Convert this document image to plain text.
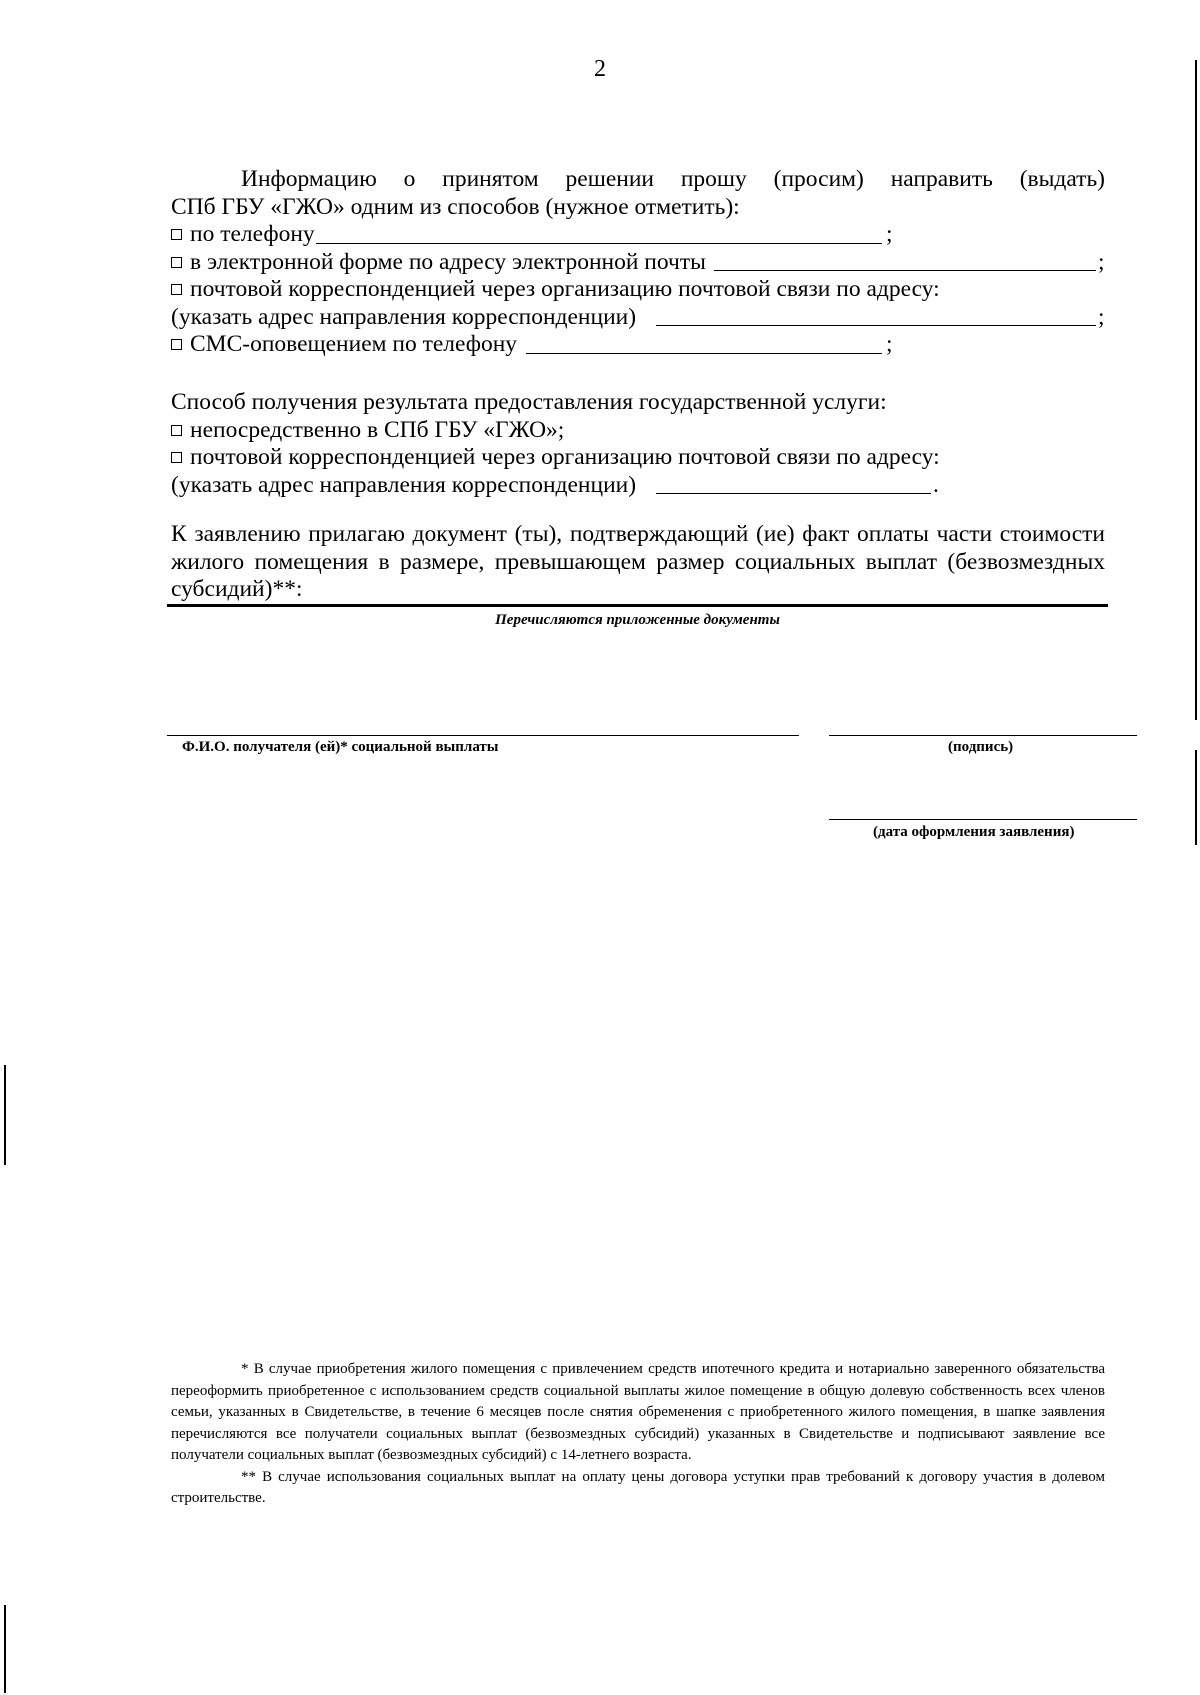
2
Информацию о принятом решении прошу (просим) направить (выдать)
СПб ГБУ «ГЖО» одним из способов (нужное отметить):
по телефону	;
в электронной форме по адресу электронной почты	;
почтовой корреспонденцией через организацию почтовой связи по адресу:
(указать адрес направления корреспонденции)	;
СМС-оповещением по телефону	;
Способ получения результата предоставления государственной услуги:
непосредственно в СПб ГБУ «ГЖО»;
почтовой корреспонденцией через организацию почтовой связи по адресу:
(указать адрес направления корреспонденции)	.
К заявлению прилагаю документ (ты), подтверждающий (ие) факт оплаты части стоимости
жилого помещения в размере, превышающем размер социальных выплат (безвозмездных
субсидий)**:
Перечисляются приложенные документы
Ф.И.О. получателя (ей)* социальной выплаты	(подпись)
(дата оформления заявления)

* В случае приобретения жилого помещения с привлечением средств ипотечного кредита и нотариально заверенного обязательства переоформить приобретенное с использованием средств социальной выплаты жилое помещение в общую долевую собственность всех членов семьи, указанных в Свидетельстве, в течение 6 месяцев после снятия обременения с приобретенного жилого помещения, в шапке заявления перечисляются все получатели социальных выплат (безвозмездных субсидий) указанных в Свидетельстве и подписывают заявление все получатели социальных выплат (безвозмездных субсидий) с 14-летнего возраста.

** В случае использования социальных выплат на оплату цены договора уступки прав требований к договору участия в долевом строительстве.
